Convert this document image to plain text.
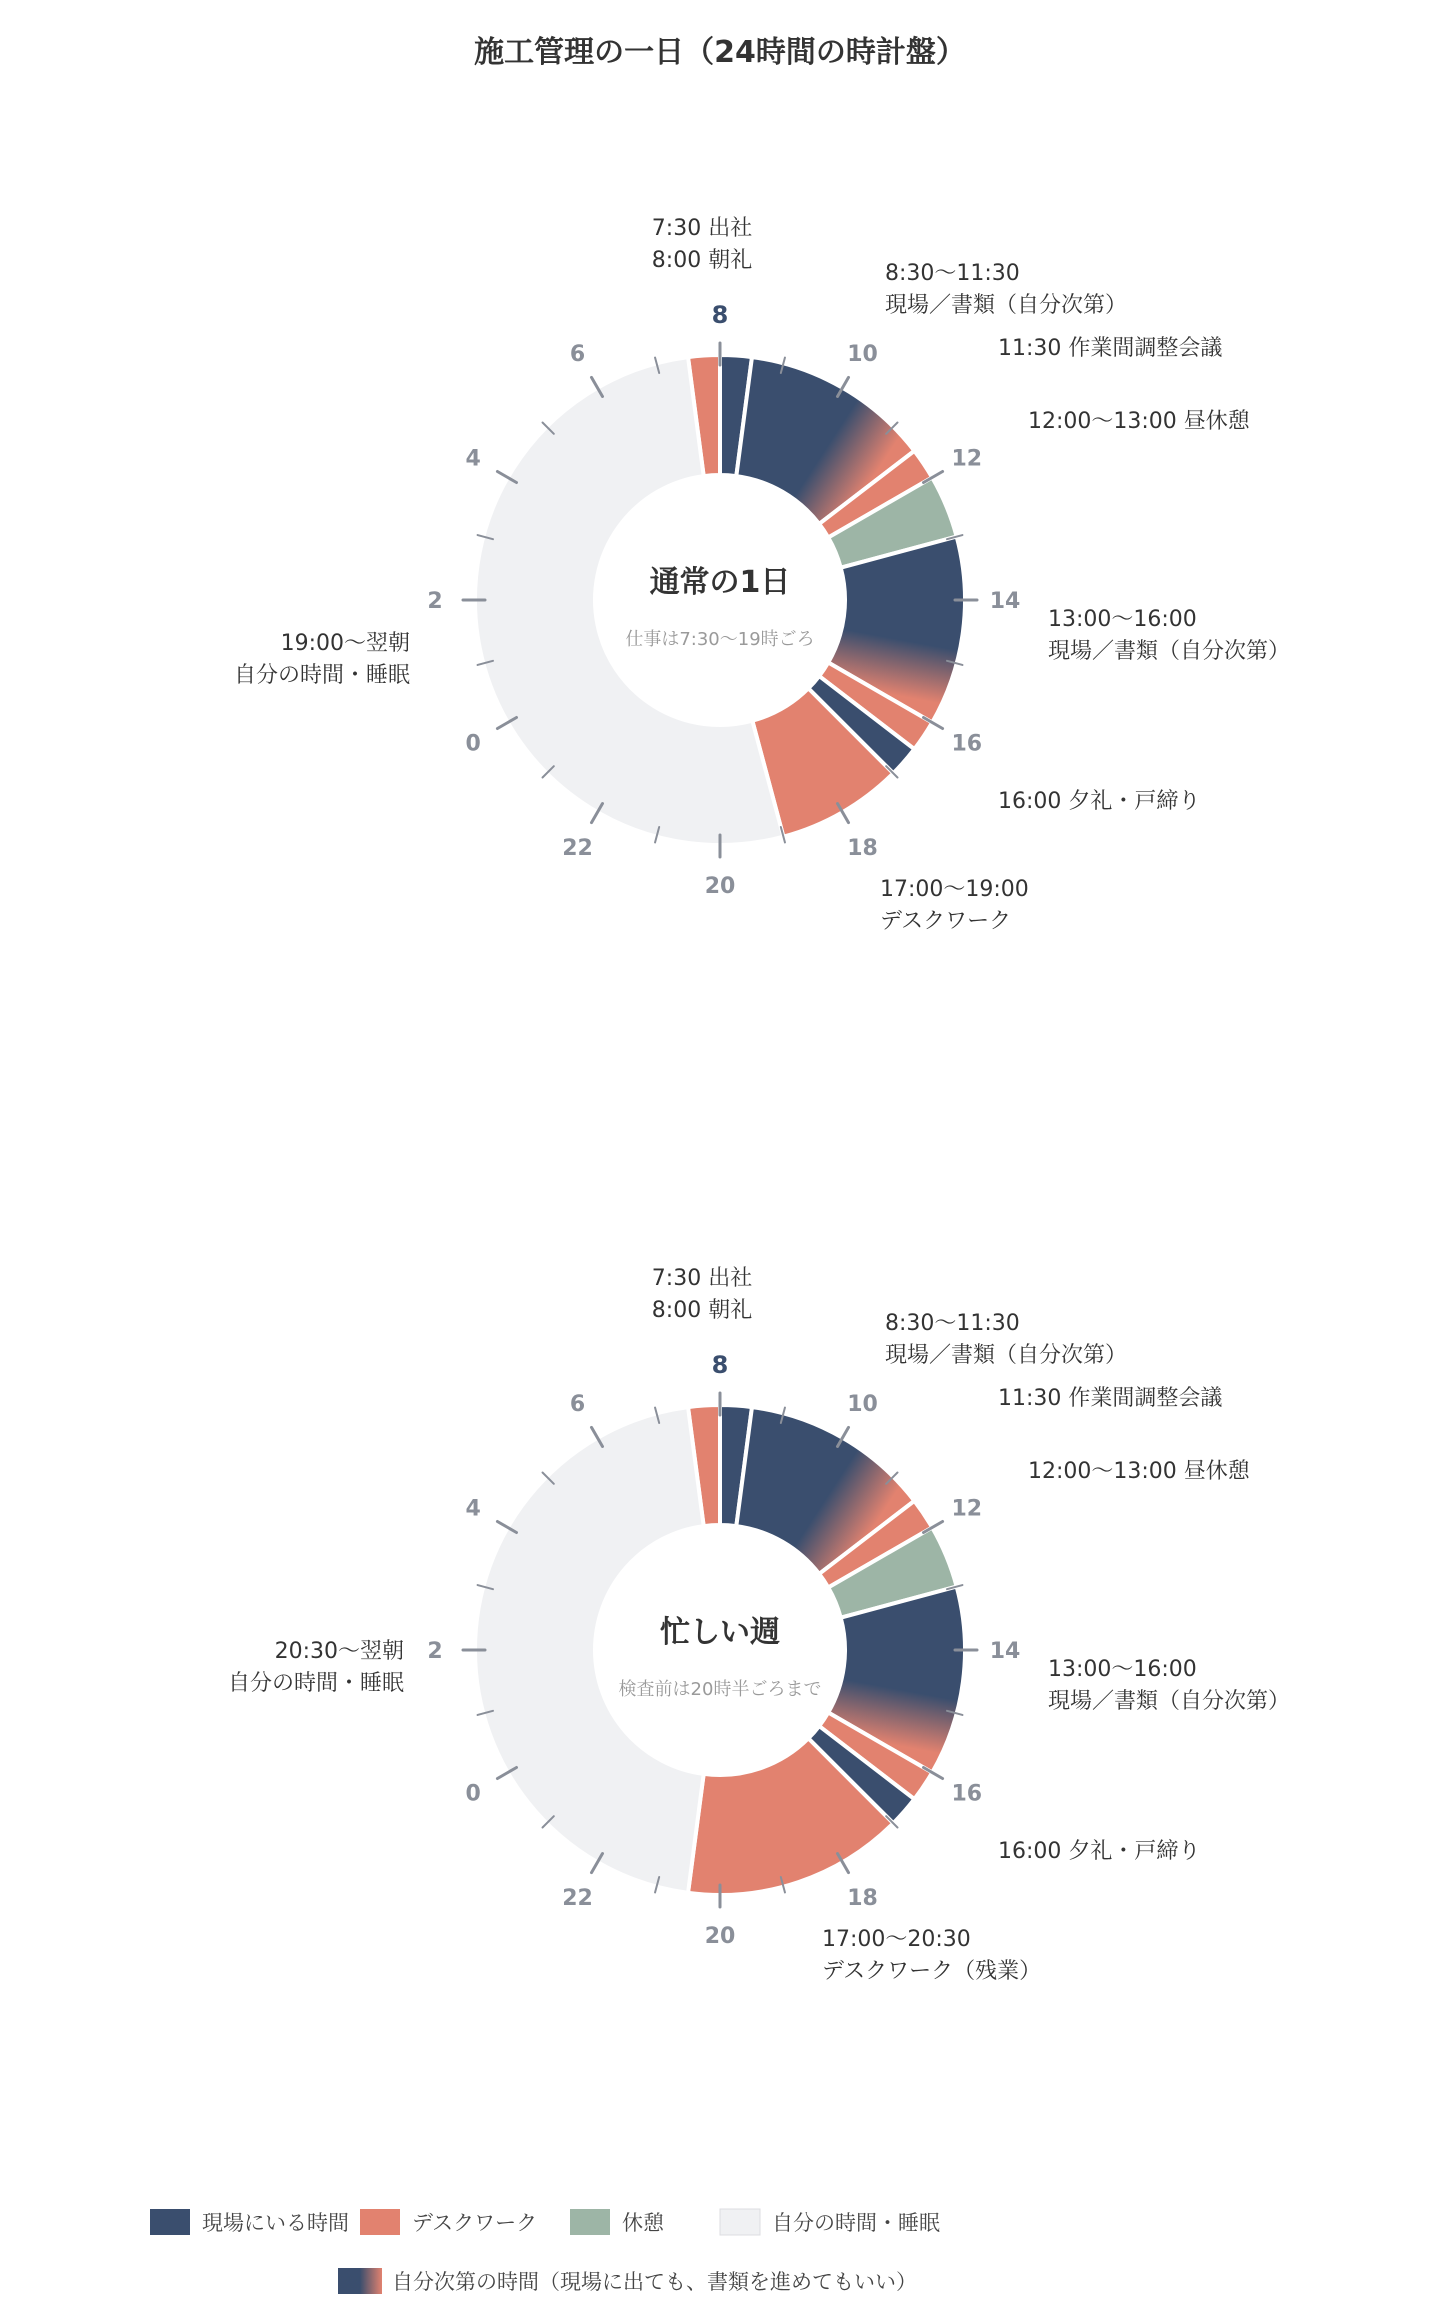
施工管理の一日（24時間の時計盤）
8
10
12
14
16
18
20
22
0
2
4
6
通常の1日
仕事は7:30〜19時ごろ
7:30 出社 8:00 朝礼
8:30〜11:30 現場／書類（自分次第）
11:30 作業間調整会議
12:00〜13:00 昼休憩
13:00〜16:00 現場／書類（自分次第）
16:00 夕礼・戸締り
17:00〜19:00 デスクワーク
19:00〜翌朝自分の時間・睡眠
8
10
12
14
16
18
20
22
0
2
4
6
忙しい週
検査前は20時半ごろまで
7:30 出社 8:00 朝礼
8:30〜11:30 現場／書類（自分次第）
11:30 作業間調整会議
12:00〜13:00 昼休憩
13:00〜16:00 現場／書類（自分次第）
16:00 夕礼・戸締り
17:00〜20:30 デスクワーク（残業）
20:30〜翌朝自分の時間・睡眠
現場にいる時間	デスクワーク	休憩	自分の時間・睡眠
自分次第の時間（現場に出ても、書類を進めてもいい）
